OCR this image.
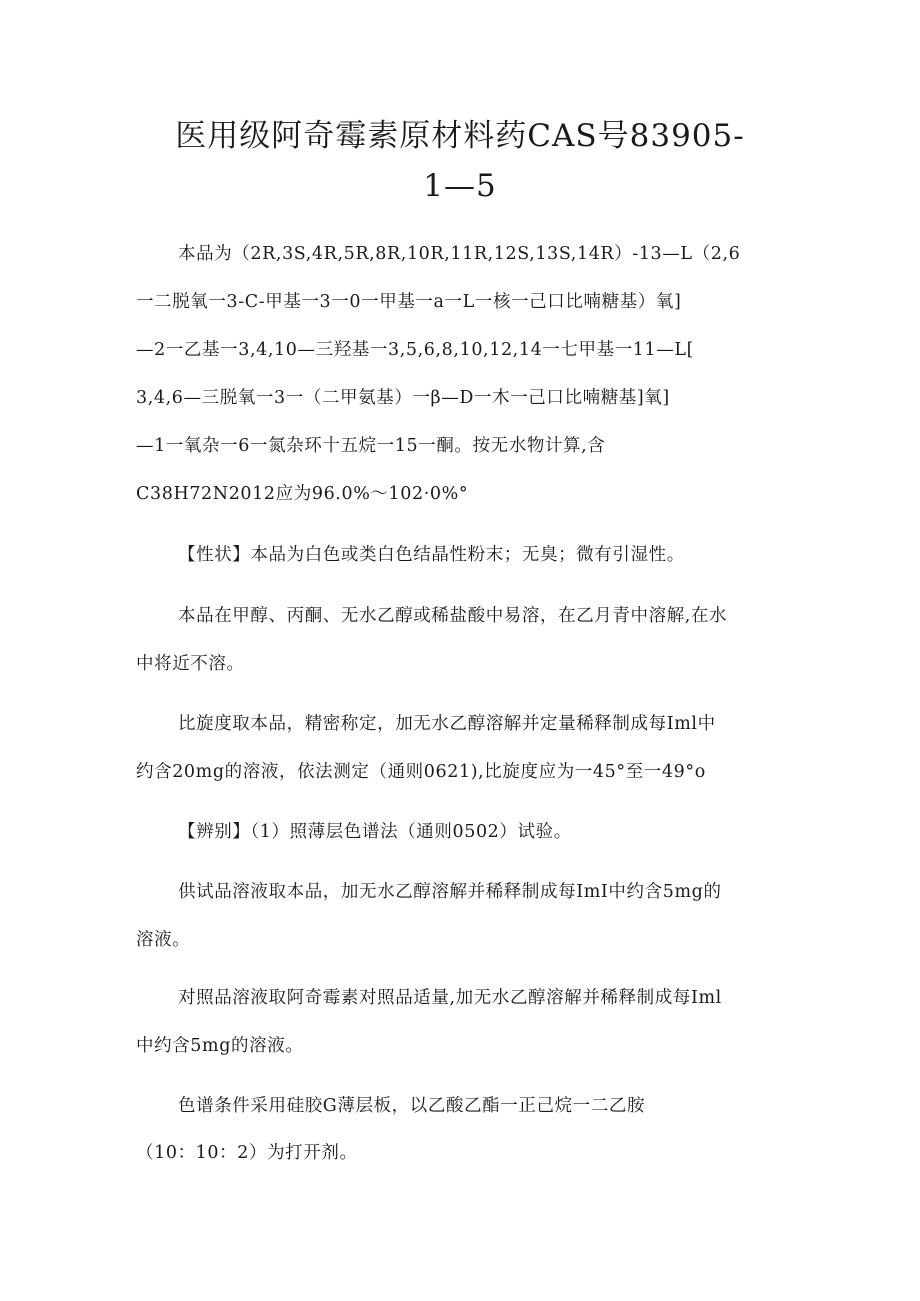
医用级阿奇霉素原材料药CAS号83905-
1—5
本品为（2R,3S,4R,5R,8R,10R,11R,12S,13S,14R）-13—L（2,6
一二脱氧一3-C-甲基一3一0一甲基一a一L一核一己口比喃糖基）氧]
—2一乙基一3,4,10—三羟基一3,5,6,8,10,12,14一七甲基一11—L[
3,4,6—三脱氧一3一（二甲氨基）一β—D一木一己口比喃糖基]氧]
—1一氧杂一6一氮杂环十五烷一15一酮。按无水物计算,含
C38H72N2012应为96.0%～102·0%°
【性状】本品为白色或类白色结晶性粉末；无臭；微有引湿性。
本品在甲醇、丙酮、无水乙醇或稀盐酸中易溶，在乙月青中溶解,在水
中将近不溶。
比旋度取本品，精密称定，加无水乙醇溶解并定量稀释制成每Iml中
约含20mg的溶液，依法测定（通则0621),比旋度应为一45°至一49°o
【辨别】（1）照薄层色谱法（通则0502）试验。
供试品溶液取本品，加无水乙醇溶解并稀释制成每ImI中约含5mg的
溶液。
对照品溶液取阿奇霉素对照品适量,加无水乙醇溶解并稀释制成每Iml
中约含5mg的溶液。
色谱条件采用硅胶G薄层板，以乙酸乙酯一正己烷一二乙胺
（10：10：2）为打开剂。
